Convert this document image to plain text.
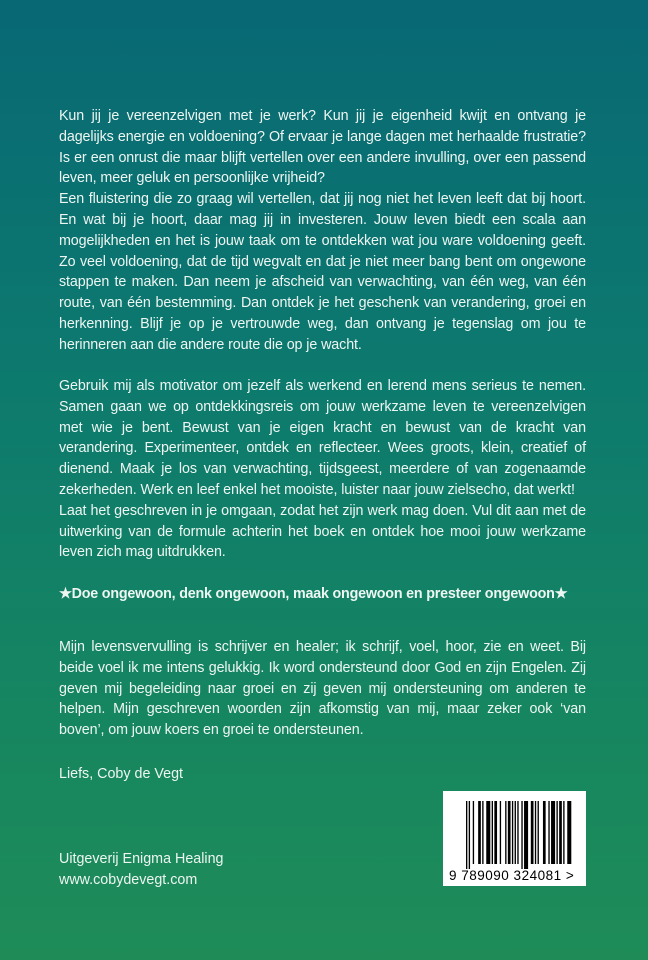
Kun jij je vereenzelvigen met je werk? Kun jij je eigenheid kwijt en ontvang je dagelijks energie en voldoening? Of ervaar je lange dagen met herhaalde frustratie? Is er een onrust die maar blijft vertellen over een andere invulling, over een passend leven, meer geluk en persoonlijke vrijheid?

Een fluistering die zo graag wil vertellen, dat jij nog niet het leven leeft dat bij hoort. En wat bij je hoort, daar mag jij in investeren. Jouw leven biedt een scala aan mogelijkheden en het is jouw taak om te ontdekken wat jou ware voldoening geeft. Zo veel voldoening, dat de tijd wegvalt en dat je niet meer bang bent om ongewone stappen te maken. Dan neem je afscheid van verwachting, van één weg, van één route, van één bestemming. Dan ontdek je het geschenk van verandering, groei en herkenning. Blijf je op je vertrouwde weg, dan ontvang je tegenslag om jou te herinneren aan die andere route die op je wacht.

Gebruik mij als motivator om jezelf als werkend en lerend mens serieus te nemen. Samen gaan we op ontdekkingsreis om jouw werkzame leven te vereenzelvigen met wie je bent. Bewust van je eigen kracht en bewust van de kracht van verandering. Experimenteer, ontdek en reflecteer. Wees groots, klein, creatief of dienend. Maak je los van verwachting, tijdsgeest, meerdere of van zogenaamde zekerheden. Werk en leef enkel het mooiste, luister naar jouw zielsecho, dat werkt!

Laat het geschreven in je omgaan, zodat het zijn werk mag doen. Vul dit aan met de uitwerking van de formule achterin het boek en ontdek hoe mooi jouw werkzame leven zich mag uitdrukken.

★Doe ongewoon, denk ongewoon, maak ongewoon en presteer ongewoon★

Mijn levensvervulling is schrijver en healer; ik schrijf, voel, hoor, zie en weet. Bij beide voel ik me intens gelukkig. Ik word ondersteund door God en zijn Engelen. Zij geven mij begeleiding naar groei en zij geven mij ondersteuning om anderen te helpen. Mijn geschreven woorden zijn afkomstig van mij, maar zeker ook ‘van boven’, om jouw koers en groei te ondersteunen.

Liefs, Coby de Vegt
Uitgeverij Enigma Healing
www.cobydevegt.com	9 789090 324081 >
